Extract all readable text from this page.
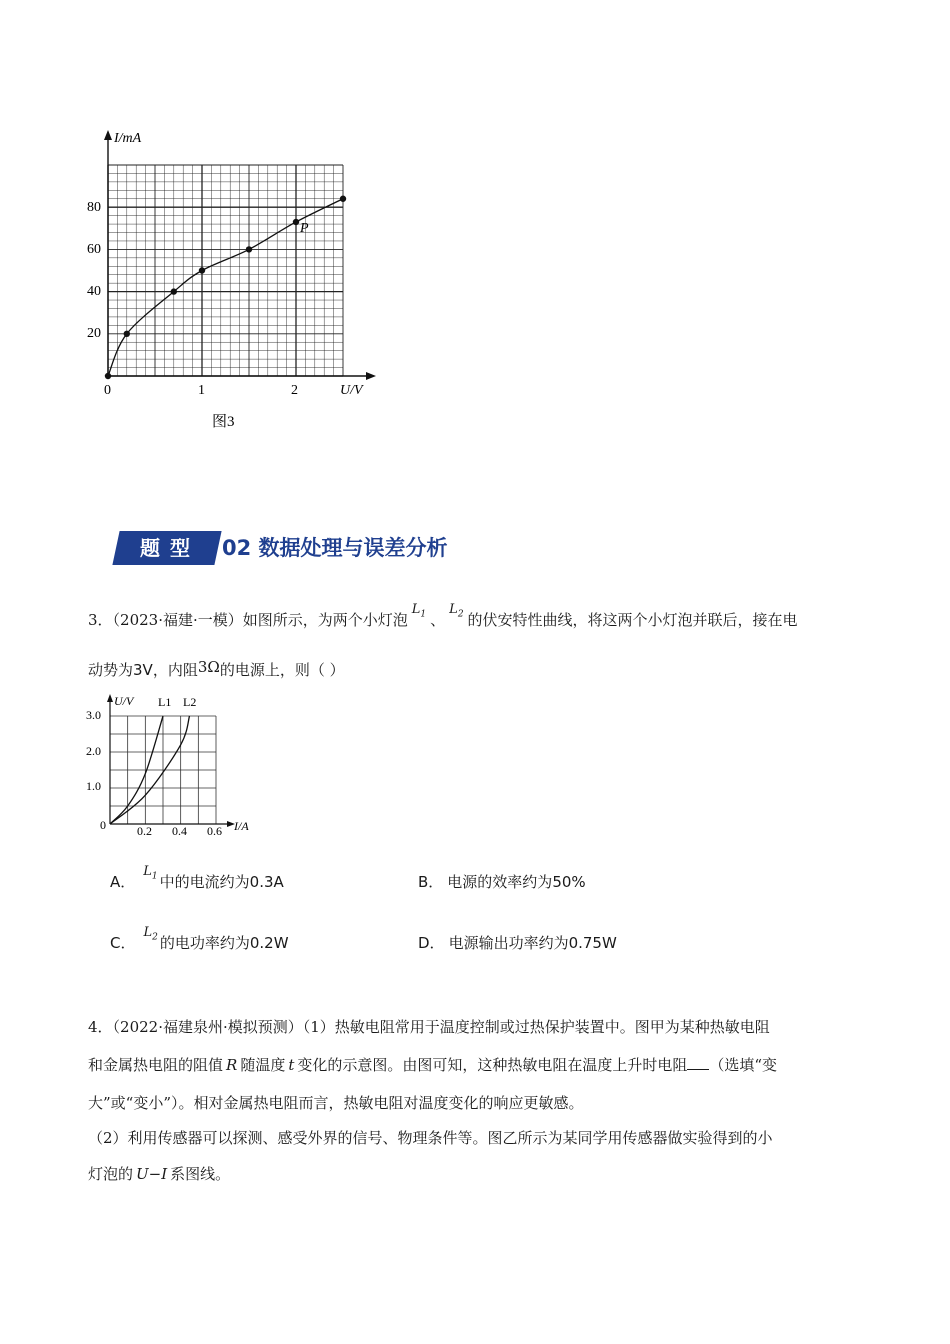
I/mA
U/V
0	1	2
20
40
60
80
P
图3
题型	02 数据处理与误差分析
3．（2023·福建·一模）如图所示，为两个小灯泡$L_1$ 、$L_2$ 的伏安特性曲线，将这两个小灯泡并联后，接在电
动势为3V，内阻3Ω的电源上，则（ ）
U/V
I/A
0	0.2 0.4 0.6
3.0
2.0
1.0
L1 L2
A．$L_1$ 中的电流约为0.3A	B． 电源的效率约为50%
C．$L_2$ 的电功率约为0.2W	D． 电源输出功率约为0.75W
4．（2022·福建泉州·模拟预测）（1）热敏电阻常用于温度控制或过热保护装置中。图甲为某种热敏电阻
和金属热电阻的阻值 R 随温度 t 变化的示意图。由图可知，这种热敏电阻在温度上升时电阻 （选填“变
大”或“变小”）。相对金属热电阻而言，热敏电阻对温度变化的响应更敏感。
（2）利用传感器可以探测、感受外界的信号、物理条件等。图乙所示为某同学用传感器做实验得到的小
灯泡的 U−I 系图线。
